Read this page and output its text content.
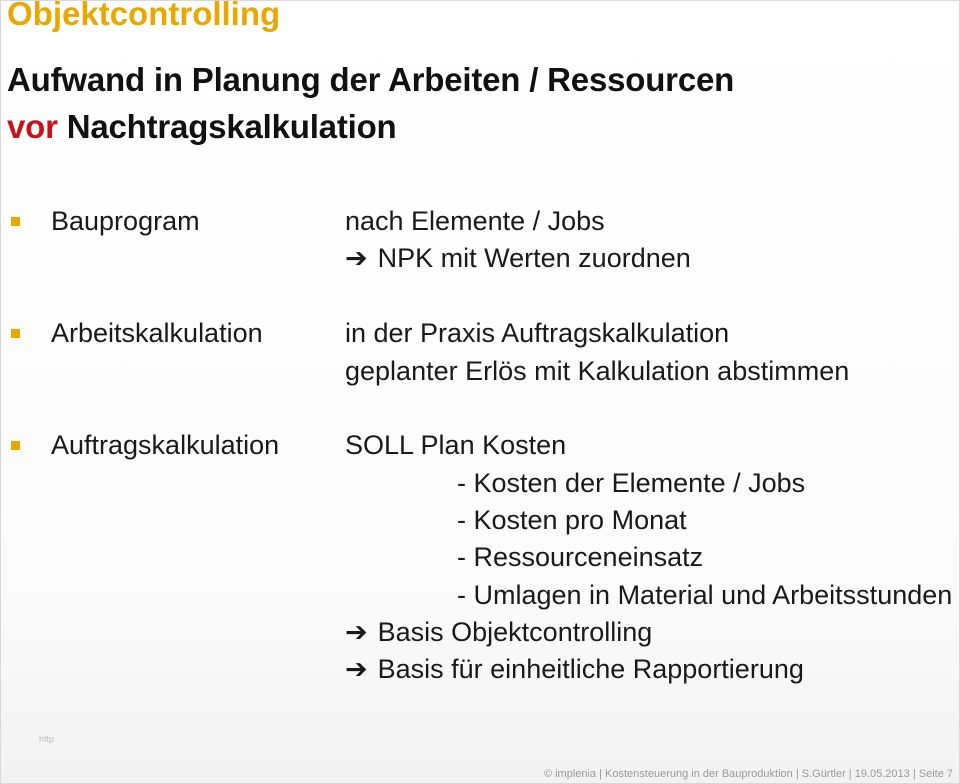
Objektcontrolling
Aufwand in Planung der Arbeiten / Ressourcen
vor Nachtragskalkulation
Bauprogram	nach Elemente / Jobs
➔ NPK mit Werten zuordnen
Arbeitskalkulation	in der Praxis Auftragskalkulation
geplanter Erlös mit Kalkulation abstimmen
Auftragskalkulation SOLL Plan Kosten
- Kosten der Elemente / Jobs
- Kosten pro Monat
- Ressourceneinsatz
- Umlagen in Material und Arbeitsstunden
➔ Basis Objektcontrolling
➔ Basis für einheitliche Rapportierung
http
© implenia | Kostensteuerung in der Bauproduktion | S.Gürtler | 19.05.2013 | Seite 7
